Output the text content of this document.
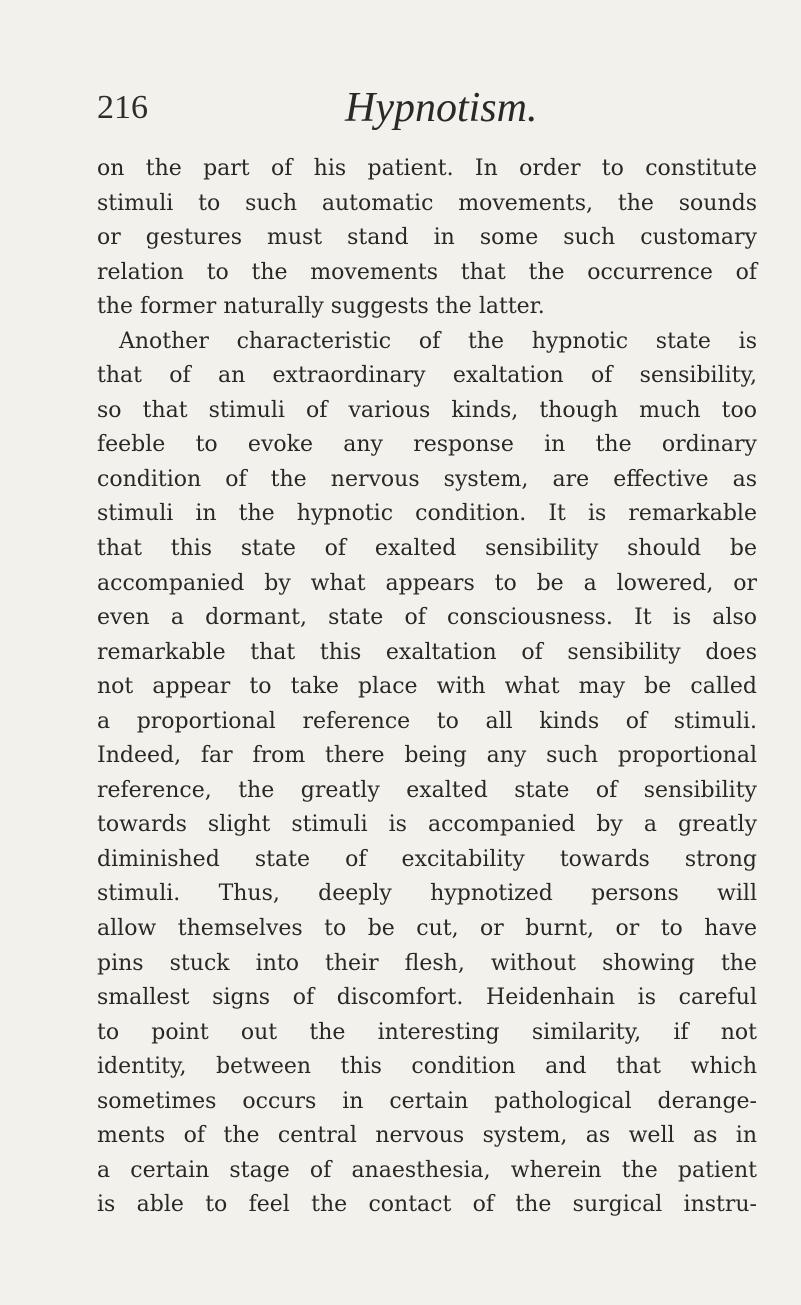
216	Hypnotism.
on the part of his patient. In order to constitute
stimuli to such automatic movements, the sounds
or gestures must stand in some such customary
relation to the movements that the occurrence of
the former naturally suggests the latter.
Another characteristic of the hypnotic state is
that of an extraordinary exaltation of sensibility,
so that stimuli of various kinds, though much too
feeble to evoke any response in the ordinary
condition of the nervous system, are effective as
stimuli in the hypnotic condition. It is remarkable
that this state of exalted sensibility should be
accompanied by what appears to be a lowered, or
even a dormant, state of consciousness. It is also
remarkable that this exaltation of sensibility does
not appear to take place with what may be called
a proportional reference to all kinds of stimuli.
Indeed, far from there being any such proportional
reference, the greatly exalted state of sensibility
towards slight stimuli is accompanied by a greatly
diminished state of excitability towards strong
stimuli. Thus, deeply hypnotized persons will
allow themselves to be cut, or burnt, or to have
pins stuck into their flesh, without showing the
smallest signs of discomfort. Heidenhain is careful
to point out the interesting similarity, if not
identity, between this condition and that which
sometimes occurs in certain pathological derange-
ments of the central nervous system, as well as in
a certain stage of anaesthesia, wherein the patient
is able to feel the contact of the surgical instru-
